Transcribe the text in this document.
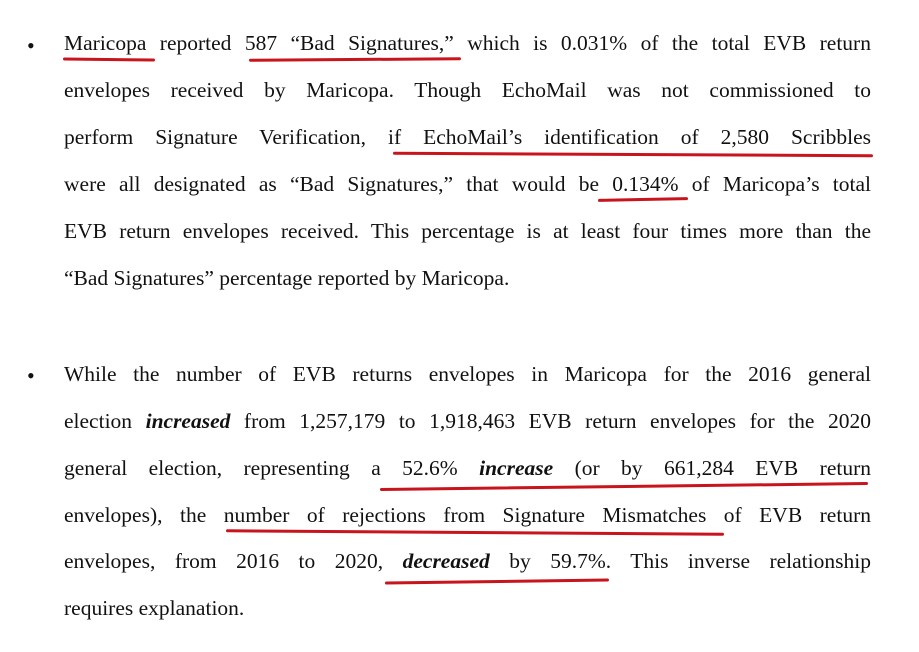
• Maricopa reported 587 “Bad Signatures,” which is 0.031% of the total EVB return
envelopes received by Maricopa. Though EchoMail was not commissioned to
perform Signature Verification, if EchoMail’s identification of 2,580 Scribbles
were all designated as “Bad Signatures,” that would be 0.134% of Maricopa’s total
EVB return envelopes received. This percentage is at least four times more than the
“Bad Signatures” percentage reported by Maricopa.
• While the number of EVB returns envelopes in Maricopa for the 2016 general
election increased from 1,257,179 to 1,918,463 EVB return envelopes for the 2020
general election, representing a 52.6% increase (or by 661,284 EVB return
envelopes), the number of rejections from Signature Mismatches of EVB return
envelopes, from 2016 to 2020, decreased by 59.7%. This inverse relationship
requires explanation.
